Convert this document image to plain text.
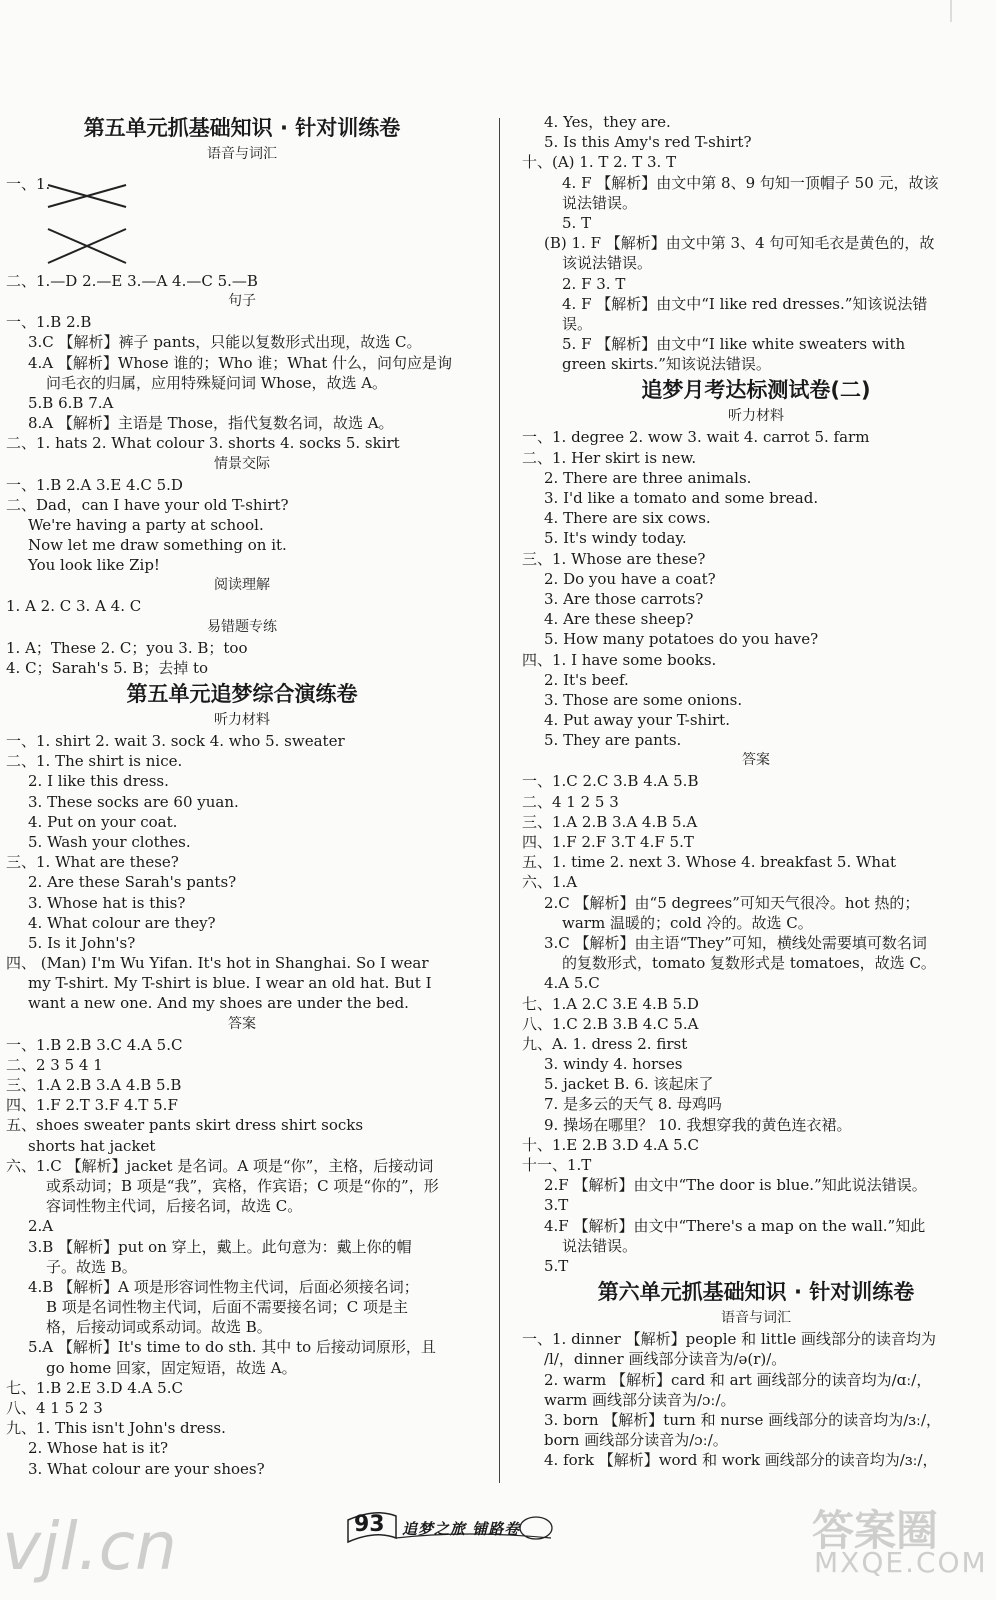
第五单元抓基础知识 · 针对训练卷
语音与词汇
一、1.
二、1.—D 2.—E 3.—A 4.—C 5.—B
句子
一、1.B 2.B
3.C 【解析】裤子 pants，只能以复数形式出现，故选 C。
4.A 【解析】Whose 谁的；Who 谁；What 什么，问句应是询
问毛衣的归属，应用特殊疑问词 Whose，故选 A。
5.B 6.B 7.A
8.A 【解析】主语是 Those，指代复数名词，故选 A。
二、1. hats 2. What colour 3. shorts 4. socks 5. skirt
情景交际
一、1.B 2.A 3.E 4.C 5.D
二、Dad，can I have your old T-shirt?
We're having a party at school.
Now let me draw something on it.
You look like Zip!
阅读理解
1. A 2. C 3. A 4. C
易错题专练
1. A；These 2. C；you 3. B；too
4. C；Sarah's 5. B；去掉 to
第五单元追梦综合演练卷
听力材料
一、1. shirt 2. wait 3. sock 4. who 5. sweater
二、1. The shirt is nice.
2. I like this dress.
3. These socks are 60 yuan.
4. Put on your coat.
5. Wash your clothes.
三、1. What are these?
2. Are these Sarah's pants?
3. Whose hat is this?
4. What colour are they?
5. Is it John's?
四、 (Man) I'm Wu Yifan. It's hot in Shanghai. So I wear
my T-shirt. My T-shirt is blue. I wear an old hat. But I
want a new one. And my shoes are under the bed.
答案
一、1.B 2.B 3.C 4.A 5.C
二、2 3 5 4 1
三、1.A 2.B 3.A 4.B 5.B
四、1.F 2.T 3.F 4.T 5.F
五、shoes sweater pants skirt dress shirt socks
shorts hat jacket
六、1.C 【解析】jacket 是名词。A 项是“你”，主格，后接动词
或系动词；B 项是“我”，宾格，作宾语；C 项是“你的”，形
容词性物主代词，后接名词，故选 C。
2.A
3.B 【解析】put on 穿上，戴上。此句意为：戴上你的帽
子。故选 B。
4.B 【解析】A 项是形容词性物主代词，后面必须接名词；
B 项是名词性物主代词，后面不需要接名词；C 项是主
格，后接动词或系动词。故选 B。
5.A 【解析】It's time to do sth. 其中 to 后接动词原形，且
go home 回家，固定短语，故选 A。
七、1.B 2.E 3.D 4.A 5.C
八、4 1 5 2 3
九、1. This isn't John's dress.
2. Whose hat is it?
3. What colour are your shoes?
4. Yes，they are.
5. Is this Amy's red T-shirt?
十、(A) 1. T 2. T 3. T
4. F 【解析】由文中第 8、9 句知一顶帽子 50 元，故该
说法错误。
5. T
(B) 1. F 【解析】由文中第 3、4 句可知毛衣是黄色的，故
该说法错误。
2. F 3. T
4. F 【解析】由文中“I like red dresses.”知该说法错
误。
5. F 【解析】由文中“I like white sweaters with
green skirts.”知该说法错误。
追梦月考达标测试卷(二)
听力材料
一、1. degree 2. wow 3. wait 4. carrot 5. farm
二、1. Her skirt is new.
2. There are three animals.
3. I'd like a tomato and some bread.
4. There are six cows.
5. It's windy today.
三、1. Whose are these?
2. Do you have a coat?
3. Are those carrots?
4. Are these sheep?
5. How many potatoes do you have?
四、1. I have some books.
2. It's beef.
3. Those are some onions.
4. Put away your T-shirt.
5. They are pants.
答案
一、1.C 2.C 3.B 4.A 5.B
二、4 1 2 5 3
三、1.A 2.B 3.A 4.B 5.A
四、1.F 2.F 3.T 4.F 5.T
五、1. time 2. next 3. Whose 4. breakfast 5. What
六、1.A
2.C 【解析】由“5 degrees”可知天气很冷。hot 热的；
warm 温暖的；cold 冷的。故选 C。
3.C 【解析】由主语“They”可知，横线处需要填可数名词
的复数形式，tomato 复数形式是 tomatoes，故选 C。
4.A 5.C
七、1.A 2.C 3.E 4.B 5.D
八、1.C 2.B 3.B 4.C 5.A
九、A. 1. dress 2. first
3. windy 4. horses
5. jacket B. 6. 该起床了
7. 是多云的天气 8. 母鸡吗
9. 操场在哪里？ 10. 我想穿我的黄色连衣裙。
十、1.E 2.B 3.D 4.A 5.C
十一、1.T
2.F 【解析】由文中“The door is blue.”知此说法错误。
3.T
4.F 【解析】由文中“There's a map on the wall.”知此
说法错误。
5.T
第六单元抓基础知识 · 针对训练卷
语音与词汇
一、1. dinner 【解析】people 和 little 画线部分的读音均为
/l/，dinner 画线部分读音为/ə(r)/。
2. warm 【解析】card 和 art 画线部分的读音均为/ɑː/，
warm 画线部分读音为/ɔː/。
3. born 【解析】turn 和 nurse 画线部分的读音均为/ɜː/，
born 画线部分读音为/ɔː/。
4. fork 【解析】word 和 work 画线部分的读音均为/ɜː/，
93 追梦之旅 铺路卷
vjl.cn	答案圈
MXQE.COM
